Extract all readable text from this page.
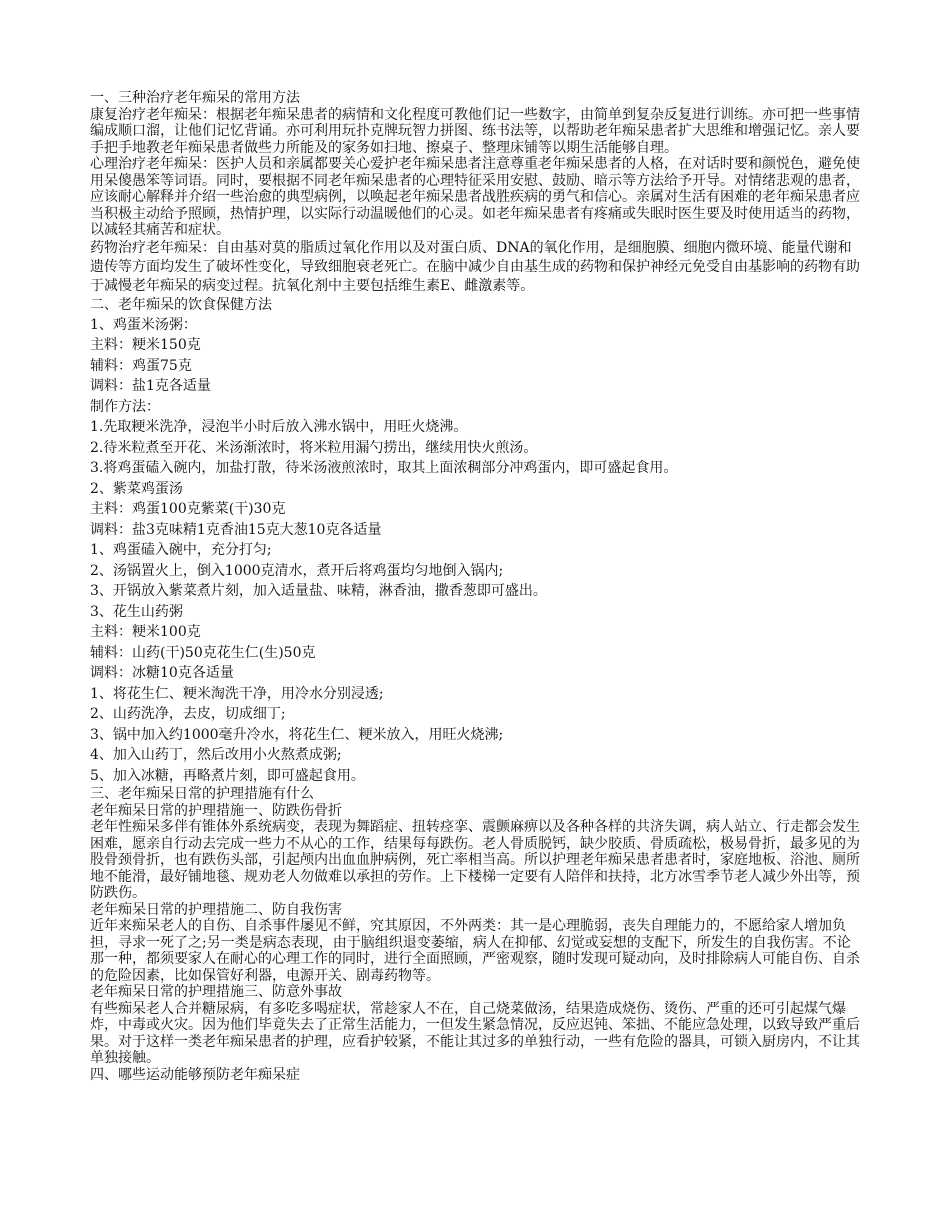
一、三种治疗老年痴呆的常用方法

康复治疗老年痴呆：根据老年痴呆患者的病情和文化程度可教他们记一些数字，由简单到复杂反复进行训练。亦可把一些事情编成顺口溜，让他们记忆背诵。亦可利用玩扑克牌玩智力拼图、练书法等，以帮助老年痴呆患者扩大思维和增强记忆。亲人要手把手地教老年痴呆患者做些力所能及的家务如扫地、擦桌子、整理床铺等以期生活能够自理。

心理治疗老年痴呆：医护人员和亲属都要关心爱护老年痴呆患者注意尊重老年痴呆患者的人格，在对话时要和颜悦色，避免使用呆傻愚笨等词语。同时，要根据不同老年痴呆患者的心理特征采用安慰、鼓励、暗示等方法给予开导。对情绪悲观的患者，应该耐心解释并介绍一些治愈的典型病例，以唤起老年痴呆患者战胜疾病的勇气和信心。亲属对生活有困难的老年痴呆患者应当积极主动给予照顾，热情护理，以实际行动温暖他们的心灵。如老年痴呆患者有疼痛或失眠时医生要及时使用适当的药物，以减轻其痛苦和症状。

药物治疗老年痴呆：自由基对莫的脂质过氧化作用以及对蛋白质、DNA的氧化作用，是细胞膜、细胞内微环境、能量代谢和遗传等方面均发生了破坏性变化，导致细胞衰老死亡。在脑中减少自由基生成的药物和保护神经元免受自由基影响的药物有助于减慢老年痴呆的病变过程。抗氧化剂中主要包括维生素E、雌激素等。

二、老年痴呆的饮食保健方法

1、鸡蛋米汤粥：

主料：粳米150克

辅料：鸡蛋75克

调料：盐1克各适量

制作方法：

1.先取粳米洗净，浸泡半小时后放入沸水锅中，用旺火烧沸。

2.待米粒煮至开花、米汤渐浓时，将米粒用漏勺捞出，继续用快火煎汤。

3.将鸡蛋磕入碗内，加盐打散，待米汤液煎浓时，取其上面浓稠部分冲鸡蛋内，即可盛起食用。

2、紫菜鸡蛋汤

主料：鸡蛋100克紫菜(干)30克

调料：盐3克味精1克香油15克大葱10克各适量

1、鸡蛋磕入碗中，充分打匀;

2、汤锅置火上，倒入1000克清水，煮开后将鸡蛋均匀地倒入锅内;

3、开锅放入紫菜煮片刻，加入适量盐、味精，淋香油，撒香葱即可盛出。

3、花生山药粥

主料：粳米100克

辅料：山药(干)50克花生仁(生)50克

调料：冰糖10克各适量

1、将花生仁、粳米淘洗干净，用冷水分别浸透;

2、山药洗净，去皮，切成细丁;

3、锅中加入约1000毫升冷水，将花生仁、粳米放入，用旺火烧沸;

4、加入山药丁，然后改用小火熬煮成粥;

5、加入冰糖，再略煮片刻，即可盛起食用。

三、老年痴呆日常的护理措施有什么

老年痴呆日常的护理措施一、防跌伤骨折

老年性痴呆多伴有锥体外系统病变，表现为舞蹈症、扭转痉挛、震颤麻痹以及各种各样的共济失调，病人站立、行走都会发生困难，愿亲自行动去完成一些力不从心的工作，结果每每跌伤。老人骨质脱钙，缺少胶质、骨质疏松，极易骨折，最多见的为股骨颈骨折，也有跌伤头部，引起颅内出血血肿病例，死亡率相当高。所以护理老年痴呆患者患者时，家庭地板、浴池、厕所地不能滑，最好铺地毯、规劝老人勿做难以承担的劳作。上下楼梯一定要有人陪伴和扶持，北方冰雪季节老人减少外出等，预防跌伤。

老年痴呆日常的护理措施二、防自我伤害

近年来痴呆老人的自伤、自杀事件屡见不鲜，究其原因，不外两类：其一是心理脆弱，丧失自理能力的，不愿给家人增加负担，寻求一死了之;另一类是病态表现，由于脑组织退变萎缩，病人在抑郁、幻觉或妄想的支配下，所发生的自我伤害。不论那一种，都须要家人在耐心的心理工作的同时，进行全面照顾，严密观察，随时发现可疑动向，及时排除病人可能自伤、自杀的危险因素，比如保管好利器，电源开关、剧毒药物等。

老年痴呆日常的护理措施三、防意外事故

有些痴呆老人合并糖尿病，有多吃多喝症状，常趁家人不在，自己烧菜做汤，结果造成烧伤、烫伤、严重的还可引起煤气爆炸，中毒或火灾。因为他们毕竟失去了正常生活能力，一但发生紧急情况，反应迟钝、笨拙、不能应急处理，以致导致严重后果。对于这样一类老年痴呆患者的护理，应看护较紧，不能让其过多的单独行动，一些有危险的器具，可锁入厨房内，不让其单独接触。

四、哪些运动能够预防老年痴呆症
